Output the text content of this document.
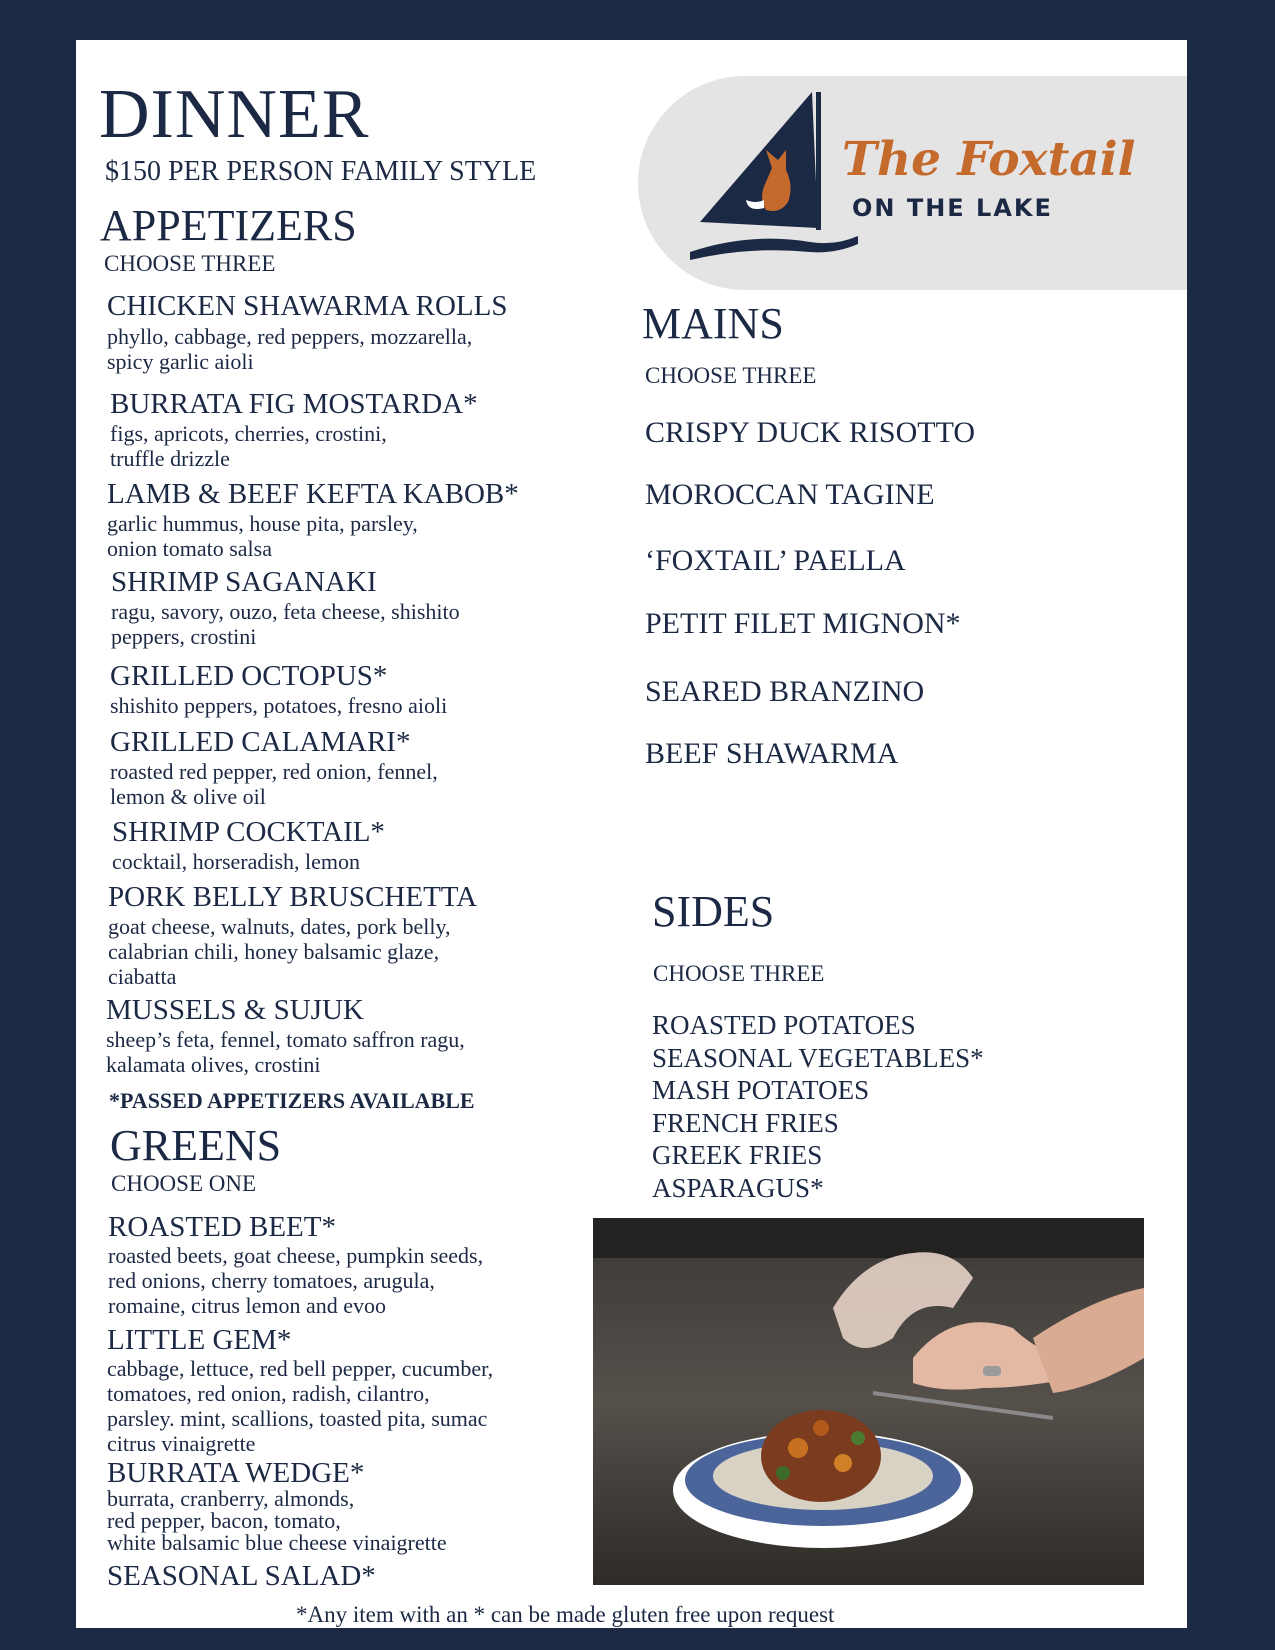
DINNER
$150 PER PERSON FAMILY STYLE	The Foxtail
ON THE LAKE
APPETIZERS
CHOOSE THREE
CHICKEN SHAWARMA ROLLS
phyllo, cabbage, red peppers, mozzarella,
spicy garlic aioli
BURRATA FIG MOSTARDA*
figs, apricots, cherries, crostini,
truffle drizzle
LAMB & BEEF KEFTA KABOB*
garlic hummus, house pita, parsley,
onion tomato salsa
SHRIMP SAGANAKI
ragu, savory, ouzo, feta cheese, shishito
peppers, crostini
GRILLED OCTOPUS*
shishito peppers, potatoes, fresno aioli
GRILLED CALAMARI*
roasted red pepper, red onion, fennel,
lemon & olive oil
SHRIMP COCKTAIL*
cocktail, horseradish, lemon
PORK BELLY BRUSCHETTA
goat cheese, walnuts, dates, pork belly,
calabrian chili, honey balsamic glaze,
ciabatta
MUSSELS & SUJUK
sheep’s feta, fennel, tomato saffron ragu,
kalamata olives, crostini
*PASSED APPETIZERS AVAILABLE
GREENS
CHOOSE ONE
ROASTED BEET*
roasted beets, goat cheese, pumpkin seeds,
red onions, cherry tomatoes, arugula,
romaine, citrus lemon and evoo
LITTLE GEM*
cabbage, lettuce, red bell pepper, cucumber,
tomatoes, red onion, radish, cilantro,
parsley. mint, scallions, toasted pita, sumac
citrus vinaigrette
BURRATA WEDGE*
burrata, cranberry, almonds,
red pepper, bacon, tomato,
white balsamic blue cheese vinaigrette
SEASONAL SALAD*
MAINS
CHOOSE THREE
CRISPY DUCK RISOTTO
MOROCCAN TAGINE
‘FOXTAIL’ PAELLA
PETIT FILET MIGNON*
SEARED BRANZINO
BEEF SHAWARMA
SIDES
CHOOSE THREE
ROASTED POTATOES
SEASONAL VEGETABLES*
MASH POTATOES
FRENCH FRIES
GREEK FRIES
ASPARAGUS*
*Any item with an * can be made gluten free upon request
